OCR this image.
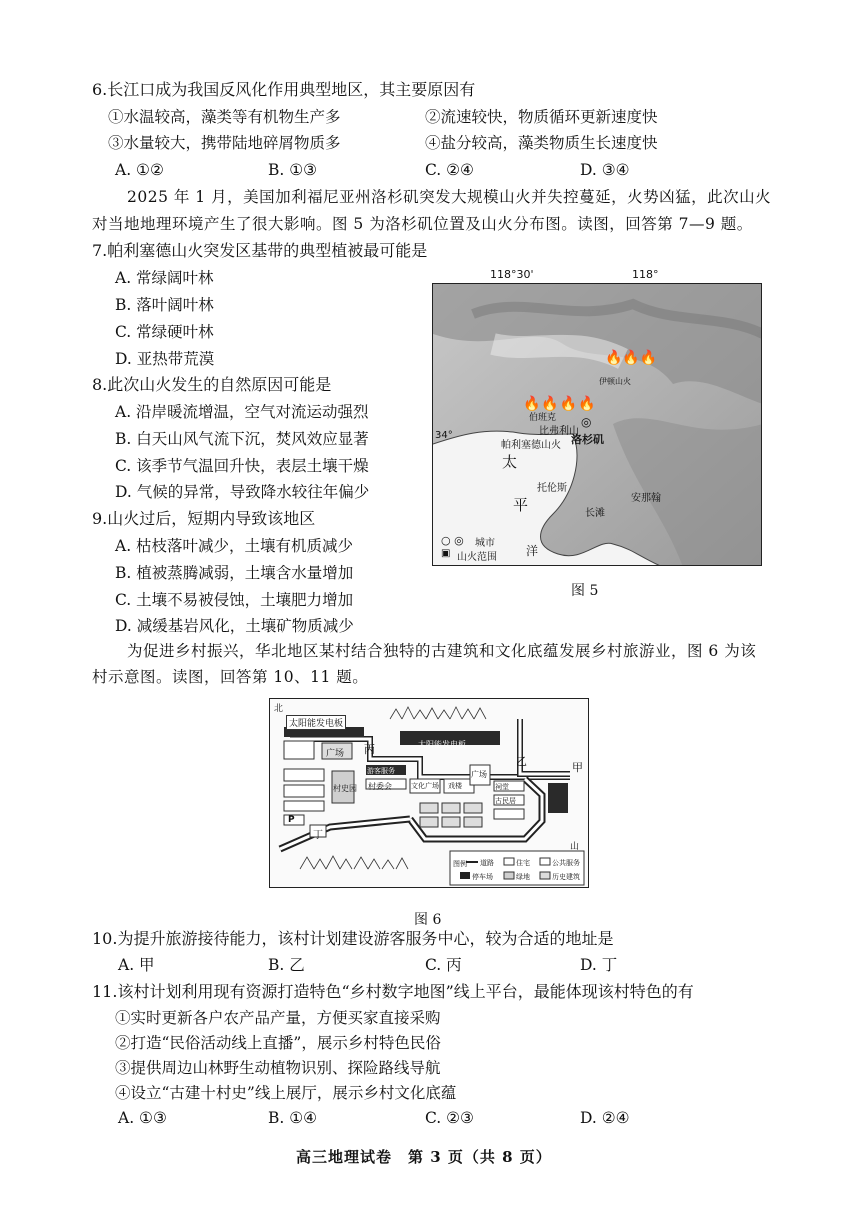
6.长江口成为我国反风化作用典型地区，其主要原因有
①水温较高，藻类等有机物生产多	②流速较快，物质循环更新速度快
③水量较大，携带陆地碎屑物质多	④盐分较高，藻类物质生长速度快
A. ①②	B. ①③	C. ②④	D. ③④
2025 年 1 月，美国加利福尼亚州洛杉矶突发大规模山火并失控蔓延，火势凶猛，此次山火
对当地地理环境产生了很大影响。图 5 为洛杉矶位置及山火分布图。读图，回答第 7—9 题。
7.帕利塞德山火突发区基带的典型植被最可能是
A. 常绿阔叶林
B. 落叶阔叶林
C. 常绿硬叶林
D. 亚热带荒漠
8.此次山火发生的自然原因可能是
A. 沿岸暖流增温，空气对流运动强烈
B. 白天山风气流下沉，焚风效应显著
C. 该季节气温回升快，表层土壤干燥
D. 气候的异常，导致降水较往年偏少
9.山火过后，短期内导致该地区
A. 枯枝落叶减少，土壤有机质减少
B. 植被蒸腾减弱，土壤含水量增加
C. 土壤不易被侵蚀，土壤肥力增加
D. 减缓基岩风化，土壤矿物质减少
34°
帕利塞德山火
🔥🔥🔥🔥
🔥🔥🔥
伊顿山火
伯班克
比弗利山
◎
洛杉矶
太
平
洋
托伦斯
长滩
安那翰
○ ◎ 城市
▣ 山火范围
118°30'	118°
图 5
为促进乡村振兴，华北地区某村结合独特的古建筑和文化底蕴发展乡村旅游业，图 6 为该
村示意图。读图，回答第 10、11 题。
北
太阳能发电板
太阳能发电板
广场
广场
丙
甲
乙
丁
P
村史园 村委会
游客服务
文化广场 戏楼	祠堂
古民居
山
图例 道路	住宅	公共服务
停车场	绿地	历史建筑
图 6
10.为提升旅游接待能力，该村计划建设游客服务中心，较为合适的地址是
A. 甲	B. 乙	C. 丙	D. 丁
11.该村计划利用现有资源打造特色“乡村数字地图”线上平台，最能体现该村特色的有
①实时更新各户农产品产量，方便买家直接采购
②打造“民俗活动线上直播”，展示乡村特色民俗
③提供周边山林野生动植物识别、探险路线导航
④设立“古建十村史”线上展厅，展示乡村文化底蕴
A. ①③	B. ①④	C. ②③	D. ②④
高三地理试卷　第 3 页（共 8 页）
